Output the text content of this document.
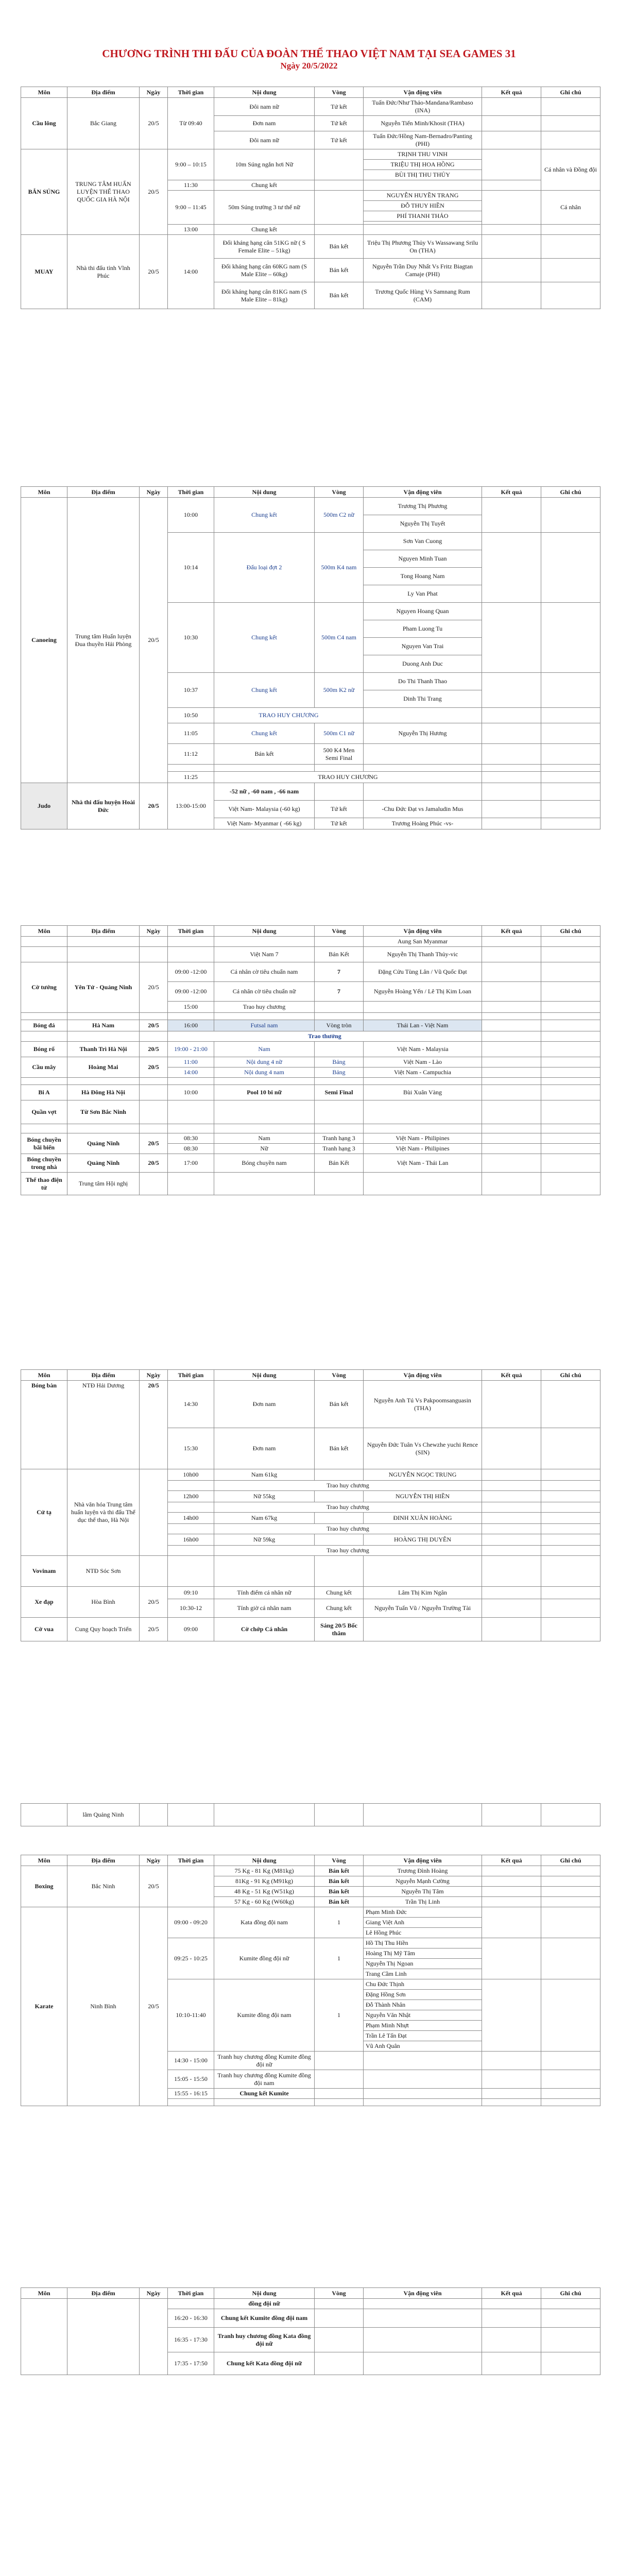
CHƯƠNG TRÌNH THI ĐẤU CỦA ĐOÀN THỂ THAO VIỆT NAM TẠI SEA GAMES 31
Ngày 20/5/2022
Môn	Địa điểm	Ngày	Thời gian	Nội dung	Vòng	Vận động viên	Kết quả	Ghi chú
Cầu lông	Bắc Giang	20/5	Từ 09:40	Đôi nam nữ	Tứ kết	Tuấn Đức/Như Thảo-Mandana/Rambaso (INA)		
				Đơn nam	Tứ kết	Nguyễn Tiến Minh/Khosit (THA)		
				Đôi nam nữ	Tứ kết	Tuấn Đức/Hồng Nam-Bernadro/Panting (PHI)		
BẮN SÚNG	TRUNG TÂM HUẤN LUYỆN THỂ THAO QUỐC GIA HÀ NỘI	20/5	9:00 – 10:15	10m Súng ngắn hơi Nữ		TRỊNH THU VINH		Cá nhân và Đồng đội
						TRIỆU THỊ HOA HỒNG		
						BÙI THỊ THU THỦY		
			11:30	Chung kết				
			9:00 – 11:45	50m Súng trường 3 tư thế nữ		NGUYỄN HUYỀN TRANG		Cá nhân
						ĐỖ THUY HIỀN		
						PHÍ THANH THẢO		

			13:00	Chung kết				
MUAY	Nhà thi đấu tỉnh Vĩnh Phúc	20/5	14:00	Đối kháng hạng cân 51KG nữ ( S Female Elite – 51kg)	Bán kết	Triệu Thị Phương Thủy Vs Wassawang Srilu On (THA)		
				Đối kháng hạng cân 60KG nam (S Male Elite – 60kg)	Bán kết	Nguyễn Trần Duy Nhất Vs Fritz Biagtan Camaje (PHI)		
				Đối kháng hạng cân 81KG nam (S Male Elite – 81kg)	Bán kết	Trương Quốc Hùng Vs Samnang Rum (CAM)		
Môn	Địa điểm	Ngày	Thời gian	Nội dung	Vòng	Vận động viên	Kết quả	Ghi chú
Canoeing	Trung tâm Huấn luyện Đua thuyền Hải Phòng	20/5	10:00	Chung kết	500m C2 nữ	Trương Thị Phương		
						Nguyễn Thị Tuyết		
			10:14	Đấu loại đợt 2	500m K4 nam	Sơn Van Cuong		
						Nguyen Minh Tuan		
						Tong Hoang Nam		
						Ly Van Phat		
			10:30	Chung kết	500m C4 nam	Nguyen Hoang Quan		
						Pham Luong Tu		
						Nguyen Van Trai		
						Duong Anh Duc		
			10:37	Chung kết	500m K2 nữ	Do Thi Thanh Thao		
						Dinh Thi Trang		
			10:50	TRAO HUY CHƯƠNG				
			11:05	Chung kết	500m C1 nữ	Nguyễn Thị Hương		
			11:12	Bán kết	500 K4 Men Semi Final			

			11:25	TRAO HUY CHƯƠNG				
Judo	Nhà thi đấu huyện Hoài Đức	20/5	13:00-15:00	-52 nữ , -60 nam , -66 nam				
				Việt Nam- Malaysia (-60 kg)	Tứ kết	-Chu Đức Đạt vs Jamaludin Mus		
				Việt Nam- Myanmar ( -66 kg)	Tứ kết	Trương Hoàng Phúc -vs-		
Môn	Địa điểm	Ngày	Thời gian	Nội dung	Vòng	Vận động viên	Kết quả	Ghi chú
						Aung San Myanmar		
				Việt Nam 7	Bán Kết	Nguyễn Thị Thanh Thủy-vic		
Cờ tướng	Yên Tử - Quảng Ninh	20/5	09:00 -12:00	Cá nhân cờ tiêu chuẩn nam	7	Đặng Cửu Tùng Lân / Vũ Quốc Đạt		
			09:00 -12:00	Cá nhân cờ tiêu chuẩn nữ	7	Nguyễn Hoàng Yến / Lê Thị Kim Loan		
			15:00	Trao huy chương				

Bóng đá	Hà Nam	20/5	16:00	Futsal nam	Vòng tròn	Thái Lan - Việt Nam		
			Trao thưởng					
Bóng rổ	Thanh Trì Hà Nội	20/5	19:00 - 21:00	Nam		Việt Nam - Malaysia		
Cầu mây	Hoàng Mai	20/5	11:00	Nội dung 4 nữ	Bảng	Việt Nam - Lào		
			14:00	Nội dung 4 nam	Bảng	Việt Nam - Campuchia		

Bi A	Hà Đông Hà Nội		10:00	Pool 10 bi nữ	Semi Final	Bùi Xuân Vàng		
Quần vợt	Từ Sơn Bắc Ninh							

Bóng chuyền bãi biển	Quảng Ninh	20/5	08:30	Nam	Tranh hạng 3	Việt Nam - Philipines		
			08:30	Nữ	Tranh hạng 3	Việt Nam - Philipines		
Bóng chuyền trong nhà	Quảng Ninh	20/5	17:00	Bóng chuyền nam	Bán Kết	Việt Nam - Thái Lan		
Thể thao điện tử	Trung tâm Hội nghị							
Môn	Địa điểm	Ngày	Thời gian	Nội dung	Vòng	Vận động viên	Kết quả	Ghi chú
Bóng bàn	NTĐ Hải Dương	20/5	14:30	Đơn nam	Bán kết	Nguyễn Anh Tú Vs Pakpoomsanguasin (THA)		
			15:30	Đơn nam	Bán kết	Nguyễn Đức Tuân Vs Chewzhe yuchi Rence (SIN)		
Cử tạ	Nhà văn hóa Trung tâm huấn luyện và thi đấu Thể dục thể thao, Hà Nội		10h00	Nam 61kg		NGUYỄN NGỌC TRUNG		
				Trao huy chương				
			12h00	Nữ 55kg		NGUYỄN THỊ HIỀN		
				Trao huy chương				
			14h00	Nam 67kg		ĐINH XUÂN HOÀNG		
				Trao huy chương				
			16h00	Nữ 59kg		HOÀNG THỊ DUYÊN		
				Trao huy chương				
Vovinam	NTĐ Sóc Sơn							
Xe đạp	Hòa Bình	20/5	09:10	Tính điểm cá nhân nữ	Chung kết	Lâm Thị Kim Ngân		
			10:30-12	Tính giờ cá nhân nam	Chung kết	Nguyễn Tuấn Vũ / Nguyễn Trường Tài		
Cờ vua	Cung Quy hoạch Triển	20/5	09:00	Cờ chớp Cá nhân	Sáng 20/5 Bốc thăm			
	lãm Quảng Ninh							
Môn	Địa điểm	Ngày	Thời gian	Nội dung	Vòng	Vận động viên	Kết quả	Ghi chú
Boxing	Bắc Ninh	20/5		75 Kg - 81 Kg (M81kg)	Bán kết	Trương Đình Hoàng		
				81Kg - 91 Kg (M91kg)	Bán kết	Nguyễn Mạnh Cường		
				48 Kg - 51 Kg (W51kg)	Bán kết	Nguyễn Thị Tâm		
				57 Kg - 60 Kg (W60kg)	Bán kết	Trần Thị Linh		
Karate	Ninh Bình	20/5	09:00 - 09:20	Kata đồng đội nam	1	Phạm Minh Đức		
						Giang Việt Anh		
						Lê Hồng Phúc		
			09:25 - 10:25	Kumite đồng đội nữ	1	Hồ Thị Thu Hiền		
						Hoàng Thị Mỹ Tâm		
						Nguyễn Thị Ngoan		
						Trang Cầm Linh		
			10:10-11:40	Kumite đồng đội nam	1	Chu Đức Thịnh		
						Đặng Hồng Sơn		
						Đỗ Thành Nhân		
						Nguyễn Văn Nhật		
						Phạm Minh Nhựt		
						Trần Lê Tấn Đạt		
						Vũ Anh Quân		
			14:30 - 15:00	Tranh huy chương đồng Kumite đồng đội nữ				
			15:05 - 15:50	Tranh huy chương đồng Kumite đồng đội nam				
			15:55 - 16:15	Chung kết Kumite				

Môn	Địa điểm	Ngày	Thời gian	Nội dung	Vòng	Vận động viên	Kết quả	Ghi chú
				đồng đội nữ				
			16:20 - 16:30	Chung kết Kumite đồng đội nam				
			16:35 - 17:30	Tranh huy chương đồng Kata đồng đội nữ				
			17:35 - 17:50	Chung kết Kata đồng đội nữ				
